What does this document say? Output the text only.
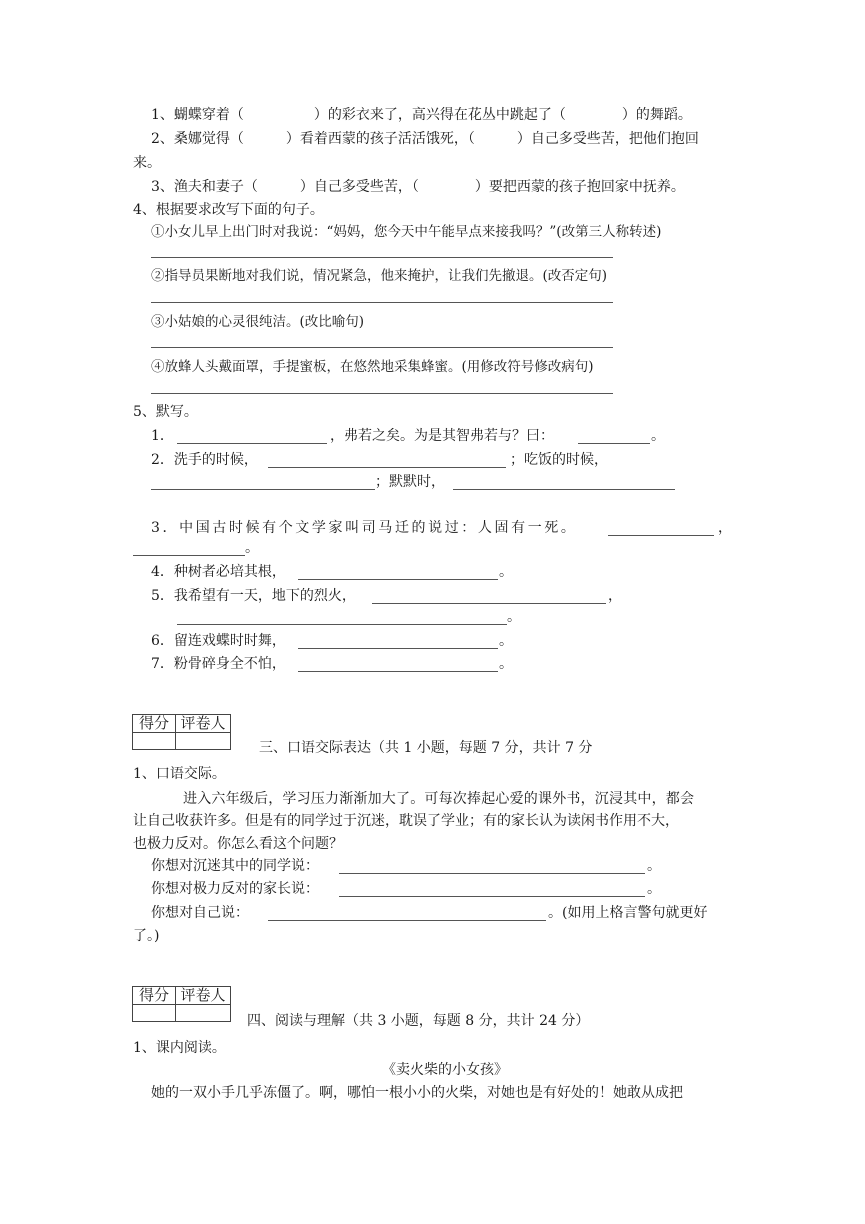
1、蝴蝶穿着（　　　　　）的彩衣来了，高兴得在花丛中跳起了（　　　　）的舞蹈。
2、桑娜觉得（　　　）看着西蒙的孩子活活饿死，（　　　）自己多受些苦，把他们抱回
来。
3、渔夫和妻子（　　　）自己多受些苦，（　　　　）要把西蒙的孩子抱回家中抚养。
4、根据要求改写下面的句子。
①小女儿早上出门时对我说：“妈妈，您今天中午能早点来接我吗？”(改第三人称转述)
②指导员果断地对我们说，情况紧急，他来掩护，让我们先撤退。(改否定句)
③小姑娘的心灵很纯洁。(改比喻句)
④放蜂人头戴面罩，手提蜜板，在悠然地采集蜂蜜。(用修改符号修改病句)
5、默写。
1．	，弗若之矣。为是其智弗若与？曰：	。
2．洗手的时候，	；吃饭的时候，
；默默时，
3．中国古时候有个文学家叫司马迁的说过：人固有一死。	，
。
4．种树者必培其根，	。
5．我希望有一天，地下的烈火，	，
。
6．留连戏蝶时时舞，	。
7．粉骨碎身全不怕，	。
得分	评卷人

三、口语交际表达（共 1 小题，每题 7 分，共计 7 分
1、口语交际。
进入六年级后，学习压力渐渐加大了。可每次捧起心爱的课外书，沉浸其中，都会
让自己收获许多。但是有的同学过于沉迷，耽误了学业；有的家长认为读闲书作用不大，
也极力反对。你怎么看这个问题？
你想对沉迷其中的同学说：	。
你想对极力反对的家长说：	。
你想对自己说：	。(如用上格言警句就更好
了。)
得分	评卷人

四、阅读与理解（共 3 小题，每题 8 分，共计 24 分）
1、课内阅读。
《卖火柴的小女孩》
她的一双小手几乎冻僵了。啊，哪怕一根小小的火柴，对她也是有好处的！她敢从成把
